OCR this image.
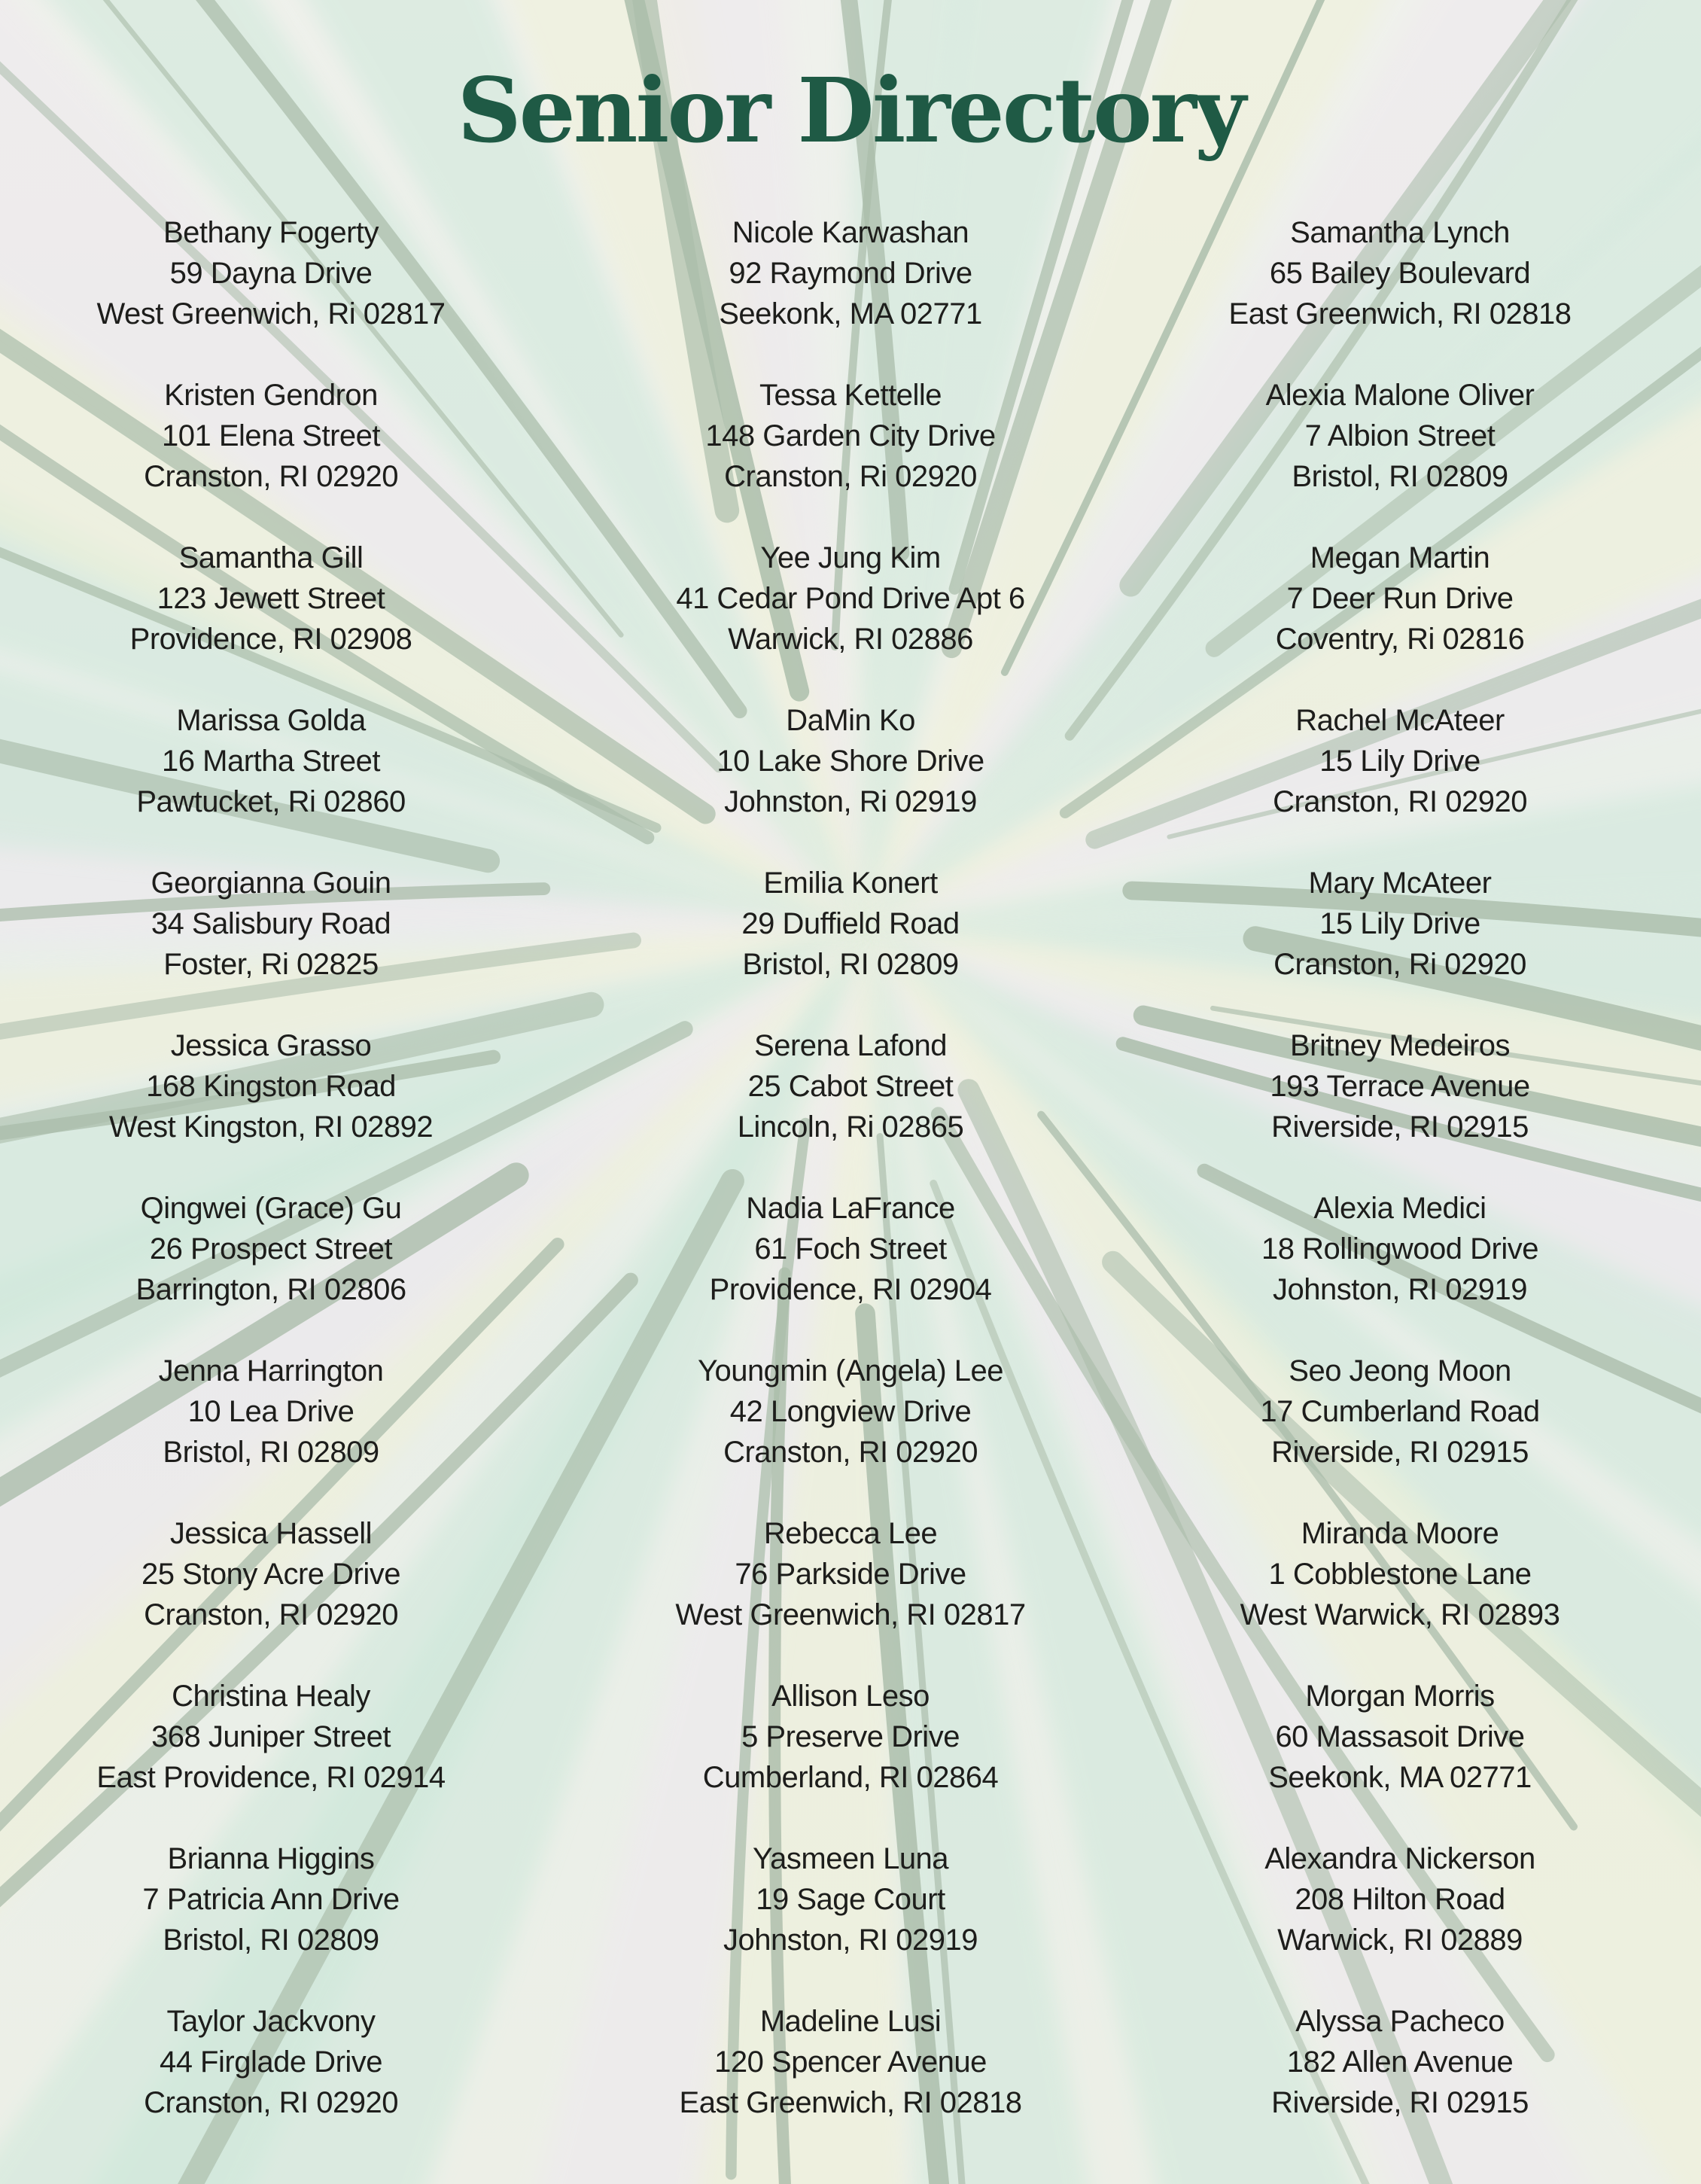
Senior Directory
Bethany Fogerty
59 Dayna Drive
West Greenwich, Ri 02817
Kristen Gendron
101 Elena Street
Cranston, RI 02920
Samantha Gill
123 Jewett Street
Providence, RI 02908
Marissa Golda
16 Martha Street
Pawtucket, Ri 02860
Georgianna Gouin
34 Salisbury Road
Foster, Ri 02825
Jessica Grasso
168 Kingston Road
West Kingston, RI 02892
Qingwei (Grace) Gu
26 Prospect Street
Barrington, RI 02806
Jenna Harrington
10 Lea Drive
Bristol, RI 02809
Jessica Hassell
25 Stony Acre Drive
Cranston, RI 02920
Christina Healy
368 Juniper Street
East Providence, RI 02914
Brianna Higgins
7 Patricia Ann Drive
Bristol, RI 02809
Taylor Jackvony
44 Firglade Drive
Cranston, RI 02920
Nicole Karwashan
92 Raymond Drive
Seekonk, MA 02771
Tessa Kettelle
148 Garden City Drive
Cranston, Ri 02920
Yee Jung Kim
41 Cedar Pond Drive Apt 6
Warwick, RI 02886
DaMin Ko
10 Lake Shore Drive
Johnston, Ri 02919
Emilia Konert
29 Duffield Road
Bristol, RI 02809
Serena Lafond
25 Cabot Street
Lincoln, Ri 02865
Nadia LaFrance
61 Foch Street
Providence, RI 02904
Youngmin (Angela) Lee
42 Longview Drive
Cranston, RI 02920
Rebecca Lee
76 Parkside Drive
West Greenwich, RI 02817
Allison Leso
5 Preserve Drive
Cumberland, RI 02864
Yasmeen Luna
19 Sage Court
Johnston, RI 02919
Madeline Lusi
120 Spencer Avenue
East Greenwich, RI 02818
Samantha Lynch
65 Bailey Boulevard
East Greenwich, RI 02818
Alexia Malone Oliver
7 Albion Street
Bristol, RI 02809
Megan Martin
7 Deer Run Drive
Coventry, Ri 02816
Rachel McAteer
15 Lily Drive
Cranston, RI 02920
Mary McAteer
15 Lily Drive
Cranston, Ri 02920
Britney Medeiros
193 Terrace Avenue
Riverside, RI 02915
Alexia Medici
18 Rollingwood Drive
Johnston, RI 02919
Seo Jeong Moon
17 Cumberland Road
Riverside, RI 02915
Miranda Moore
1 Cobblestone Lane
West Warwick, RI 02893
Morgan Morris
60 Massasoit Drive
Seekonk, MA 02771
Alexandra Nickerson
208 Hilton Road
Warwick, RI 02889
Alyssa Pacheco
182 Allen Avenue
Riverside, RI 02915
